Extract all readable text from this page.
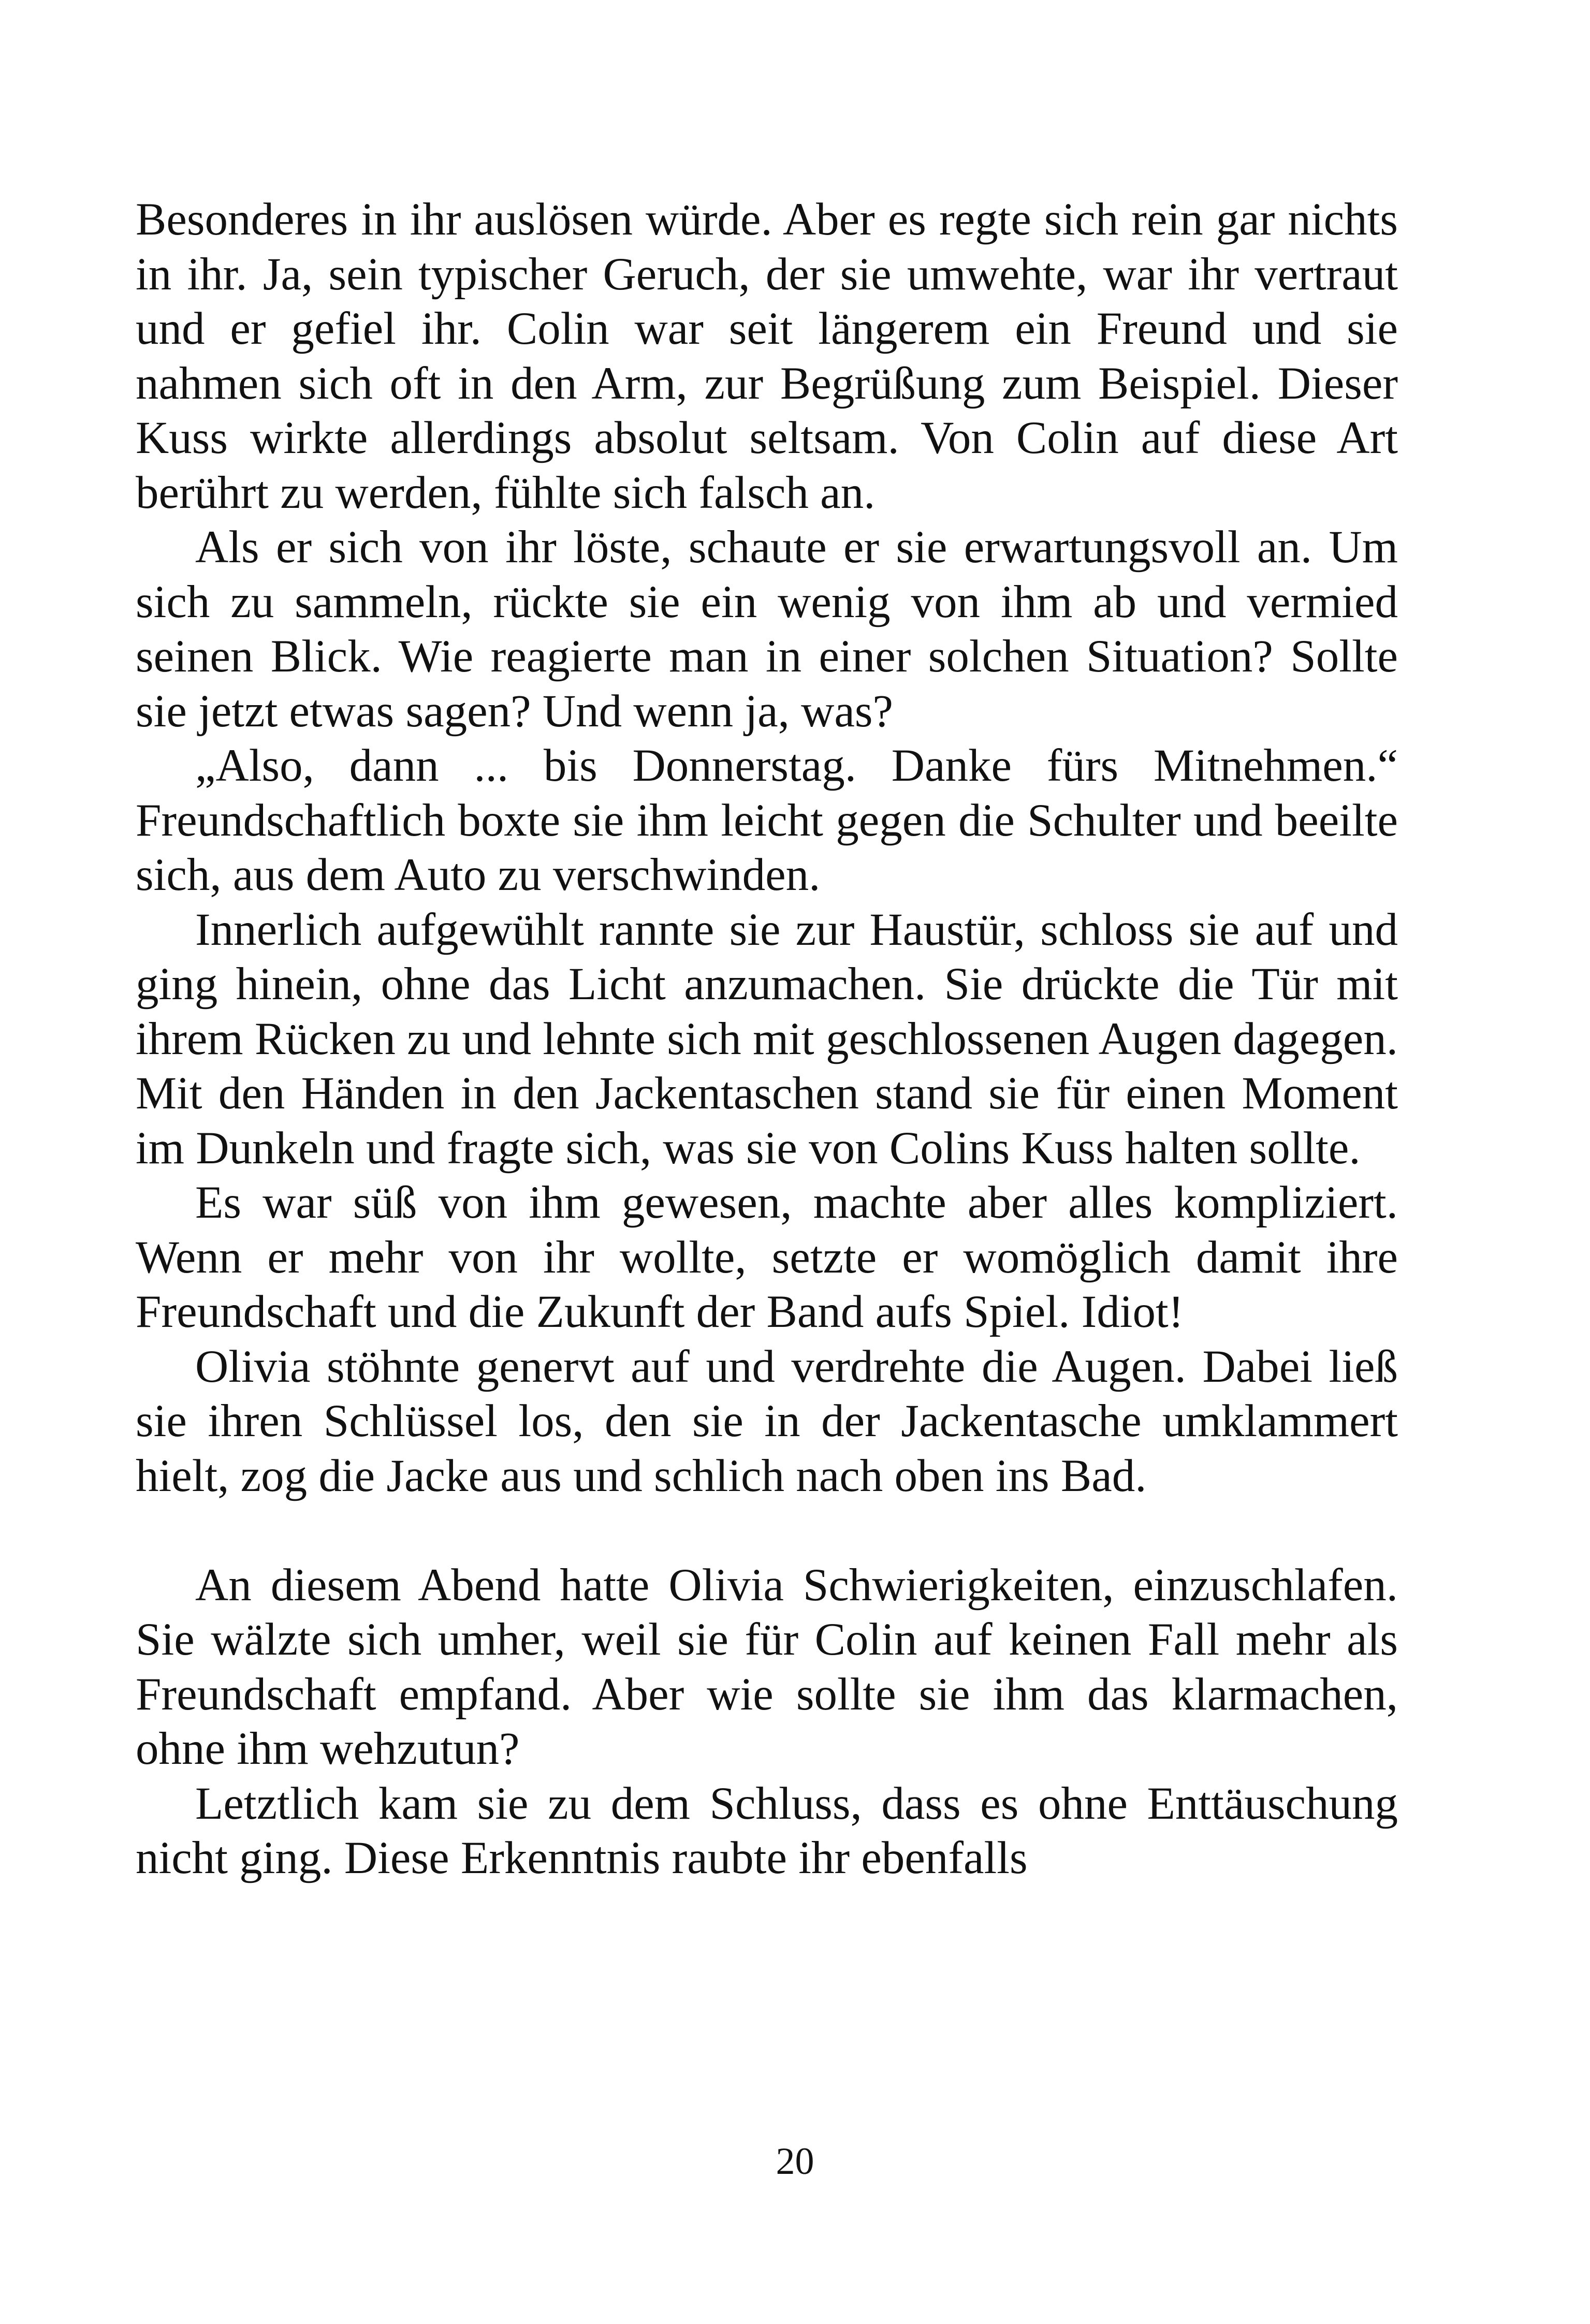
Besonderes in ihr auslösen würde. Aber es regte sich rein gar nichts in ihr. Ja, sein typischer Geruch, der sie umwehte, war ihr vertraut und er gefiel ihr. Colin war seit längerem ein Freund und sie nahmen sich oft in den Arm, zur Begrüßung zum Beispiel. Dieser Kuss wirkte allerdings absolut seltsam. Von Colin auf diese Art berührt zu werden, fühlte sich falsch an.

Als er sich von ihr löste, schaute er sie erwartungsvoll an. Um sich zu sammeln, rückte sie ein wenig von ihm ab und vermied seinen Blick. Wie reagierte man in einer solchen Situation? Sollte sie jetzt etwas sagen? Und wenn ja, was?

„Also, dann ... bis Donnerstag. Danke fürs Mitnehmen.“ Freundschaftlich boxte sie ihm leicht gegen die Schulter und beeilte sich, aus dem Auto zu verschwinden.

Innerlich aufgewühlt rannte sie zur Haustür, schloss sie auf und ging hinein, ohne das Licht anzumachen. Sie drückte die Tür mit ihrem Rücken zu und lehnte sich mit geschlossenen Augen dagegen. Mit den Händen in den Jackentaschen stand sie für einen Moment im Dunkeln und fragte sich, was sie von Colins Kuss halten sollte.

Es war süß von ihm gewesen, machte aber alles kompliziert. Wenn er mehr von ihr wollte, setzte er womöglich damit ihre Freundschaft und die Zukunft der Band aufs Spiel. Idiot!

Olivia stöhnte genervt auf und verdrehte die Augen. Dabei ließ sie ihren Schlüssel los, den sie in der Jackentasche umklammert hielt, zog die Jacke aus und schlich nach oben ins Bad.

An diesem Abend hatte Olivia Schwierigkeiten, einzuschlafen. Sie wälzte sich umher, weil sie für Colin auf keinen Fall mehr als Freundschaft empfand. Aber wie sollte sie ihm das klarmachen, ohne ihm wehzutun?

Letztlich kam sie zu dem Schluss, dass es ohne Enttäuschung nicht ging. Diese Erkenntnis raubte ihr ebenfalls

20
